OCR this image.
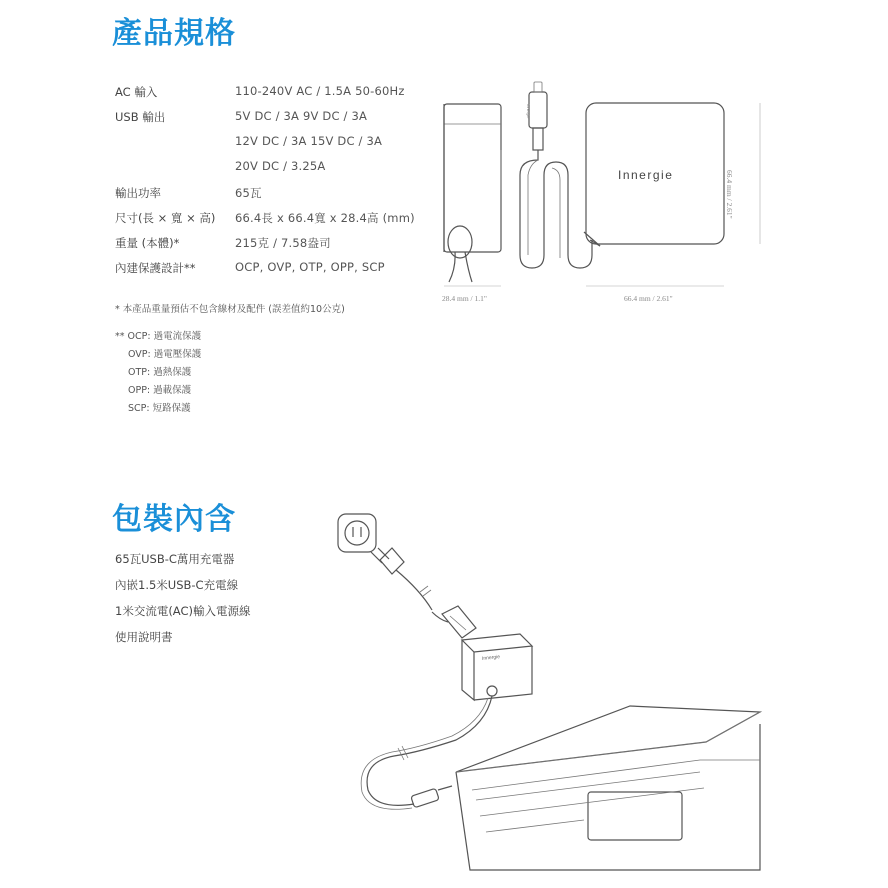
產品規格
包裝內含
AC 輸入	110-240V AC / 1.5A 50-60Hz
USB 輸出	5V DC / 3A 9V DC / 3A
12V DC / 3A 15V DC / 3A
20V DC / 3.25A
輸出功率	65瓦
尺寸(長 × 寬 × 高) 66.4長 x 66.4寬 x 28.4高 (mm)
重量 (本體)*	215克 / 7.58盎司
內建保護設計**	OCP, OVP, OTP, OPP, SCP
* 本產品重量預估不包含線材及配件 (誤差值約10公克)
** OCP: 過電流保護
OVP: 過電壓保護
OTP: 過熱保護
OPP: 過載保護
SCP: 短路保護
Innergie
28.4 mm / 1.1"	66.4 mm / 2.61"
66.4 mm / 2.61"
Innergie
65瓦USB-C萬用充電器
內嵌1.5米USB-C充電線
1米交流電(AC)輸入電源線
使用說明書
Innergie
